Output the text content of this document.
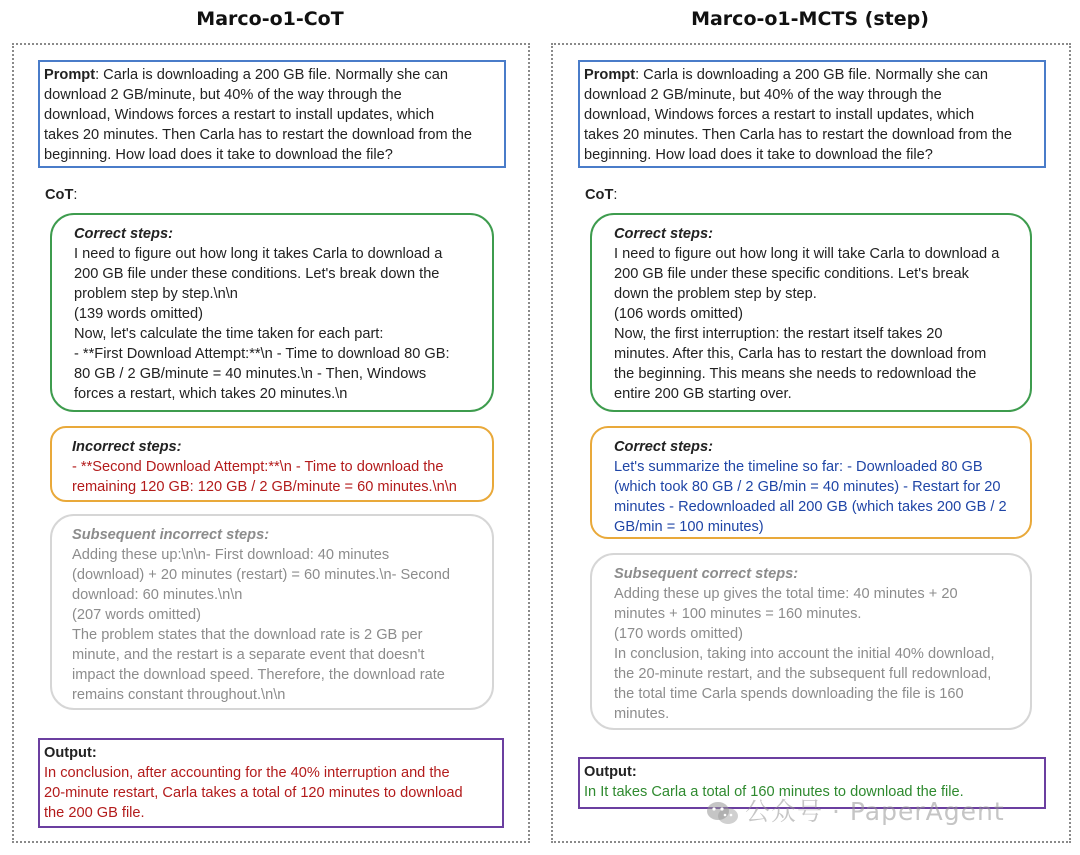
Marco-o1-CoT
Prompt: Carla is downloading a 200 GB file. Normally she can
download 2 GB/minute, but 40% of the way through the
download, Windows forces a restart to install updates, which
takes 20 minutes. Then Carla has to restart the download from the
beginning. How load does it take to download the file?
CoT:
Correct steps:
I need to figure out how long it takes Carla to download a
200 GB file under these conditions. Let's break down the
problem step by step.\n\n
(139 words omitted)
Now, let's calculate the time taken for each part:
- **First Download Attempt:**\n - Time to download 80 GB:
80 GB / 2 GB/minute = 40 minutes.\n - Then, Windows
forces a restart, which takes 20 minutes.\n
Incorrect steps:
- **Second Download Attempt:**\n - Time to download the
remaining 120 GB: 120 GB / 2 GB/minute = 60 minutes.\n\n
Subsequent incorrect steps:
Adding these up:\n\n- First download: 40 minutes
(download) + 20 minutes (restart) = 60 minutes.\n- Second
download: 60 minutes.\n\n
(207 words omitted)
The problem states that the download rate is 2 GB per
minute, and the restart is a separate event that doesn't
impact the download speed. Therefore, the download rate
remains constant throughout.\n\n
Output:
In conclusion, after accounting for the 40% interruption and the
20-minute restart, Carla takes a total of 120 minutes to download
the 200 GB file.
Marco-o1-MCTS (step)
Prompt: Carla is downloading a 200 GB file. Normally she can
download 2 GB/minute, but 40% of the way through the
download, Windows forces a restart to install updates, which
takes 20 minutes. Then Carla has to restart the download from the
beginning. How load does it take to download the file?
CoT:
Correct steps:
I need to figure out how long it will take Carla to download a
200 GB file under these specific conditions. Let's break
down the problem step by step.
(106 words omitted)
Now, the first interruption: the restart itself takes 20
minutes. After this, Carla has to restart the download from
the beginning. This means she needs to redownload the
entire 200 GB starting over.
Correct steps:
Let's summarize the timeline so far: - Downloaded 80 GB
(which took 80 GB / 2 GB/min = 40 minutes) - Restart for 20
minutes - Redownloaded all 200 GB (which takes 200 GB / 2
GB/min = 100 minutes)
Subsequent correct steps:
Adding these up gives the total time: 40 minutes + 20
minutes + 100 minutes = 160 minutes.
(170 words omitted)
In conclusion, taking into account the initial 40% download,
the 20-minute restart, and the subsequent full redownload,
the total time Carla spends downloading the file is 160
minutes.
Output:
In It takes Carla a total of 160 minutes to download the file.
公众号 · PaperAgent
